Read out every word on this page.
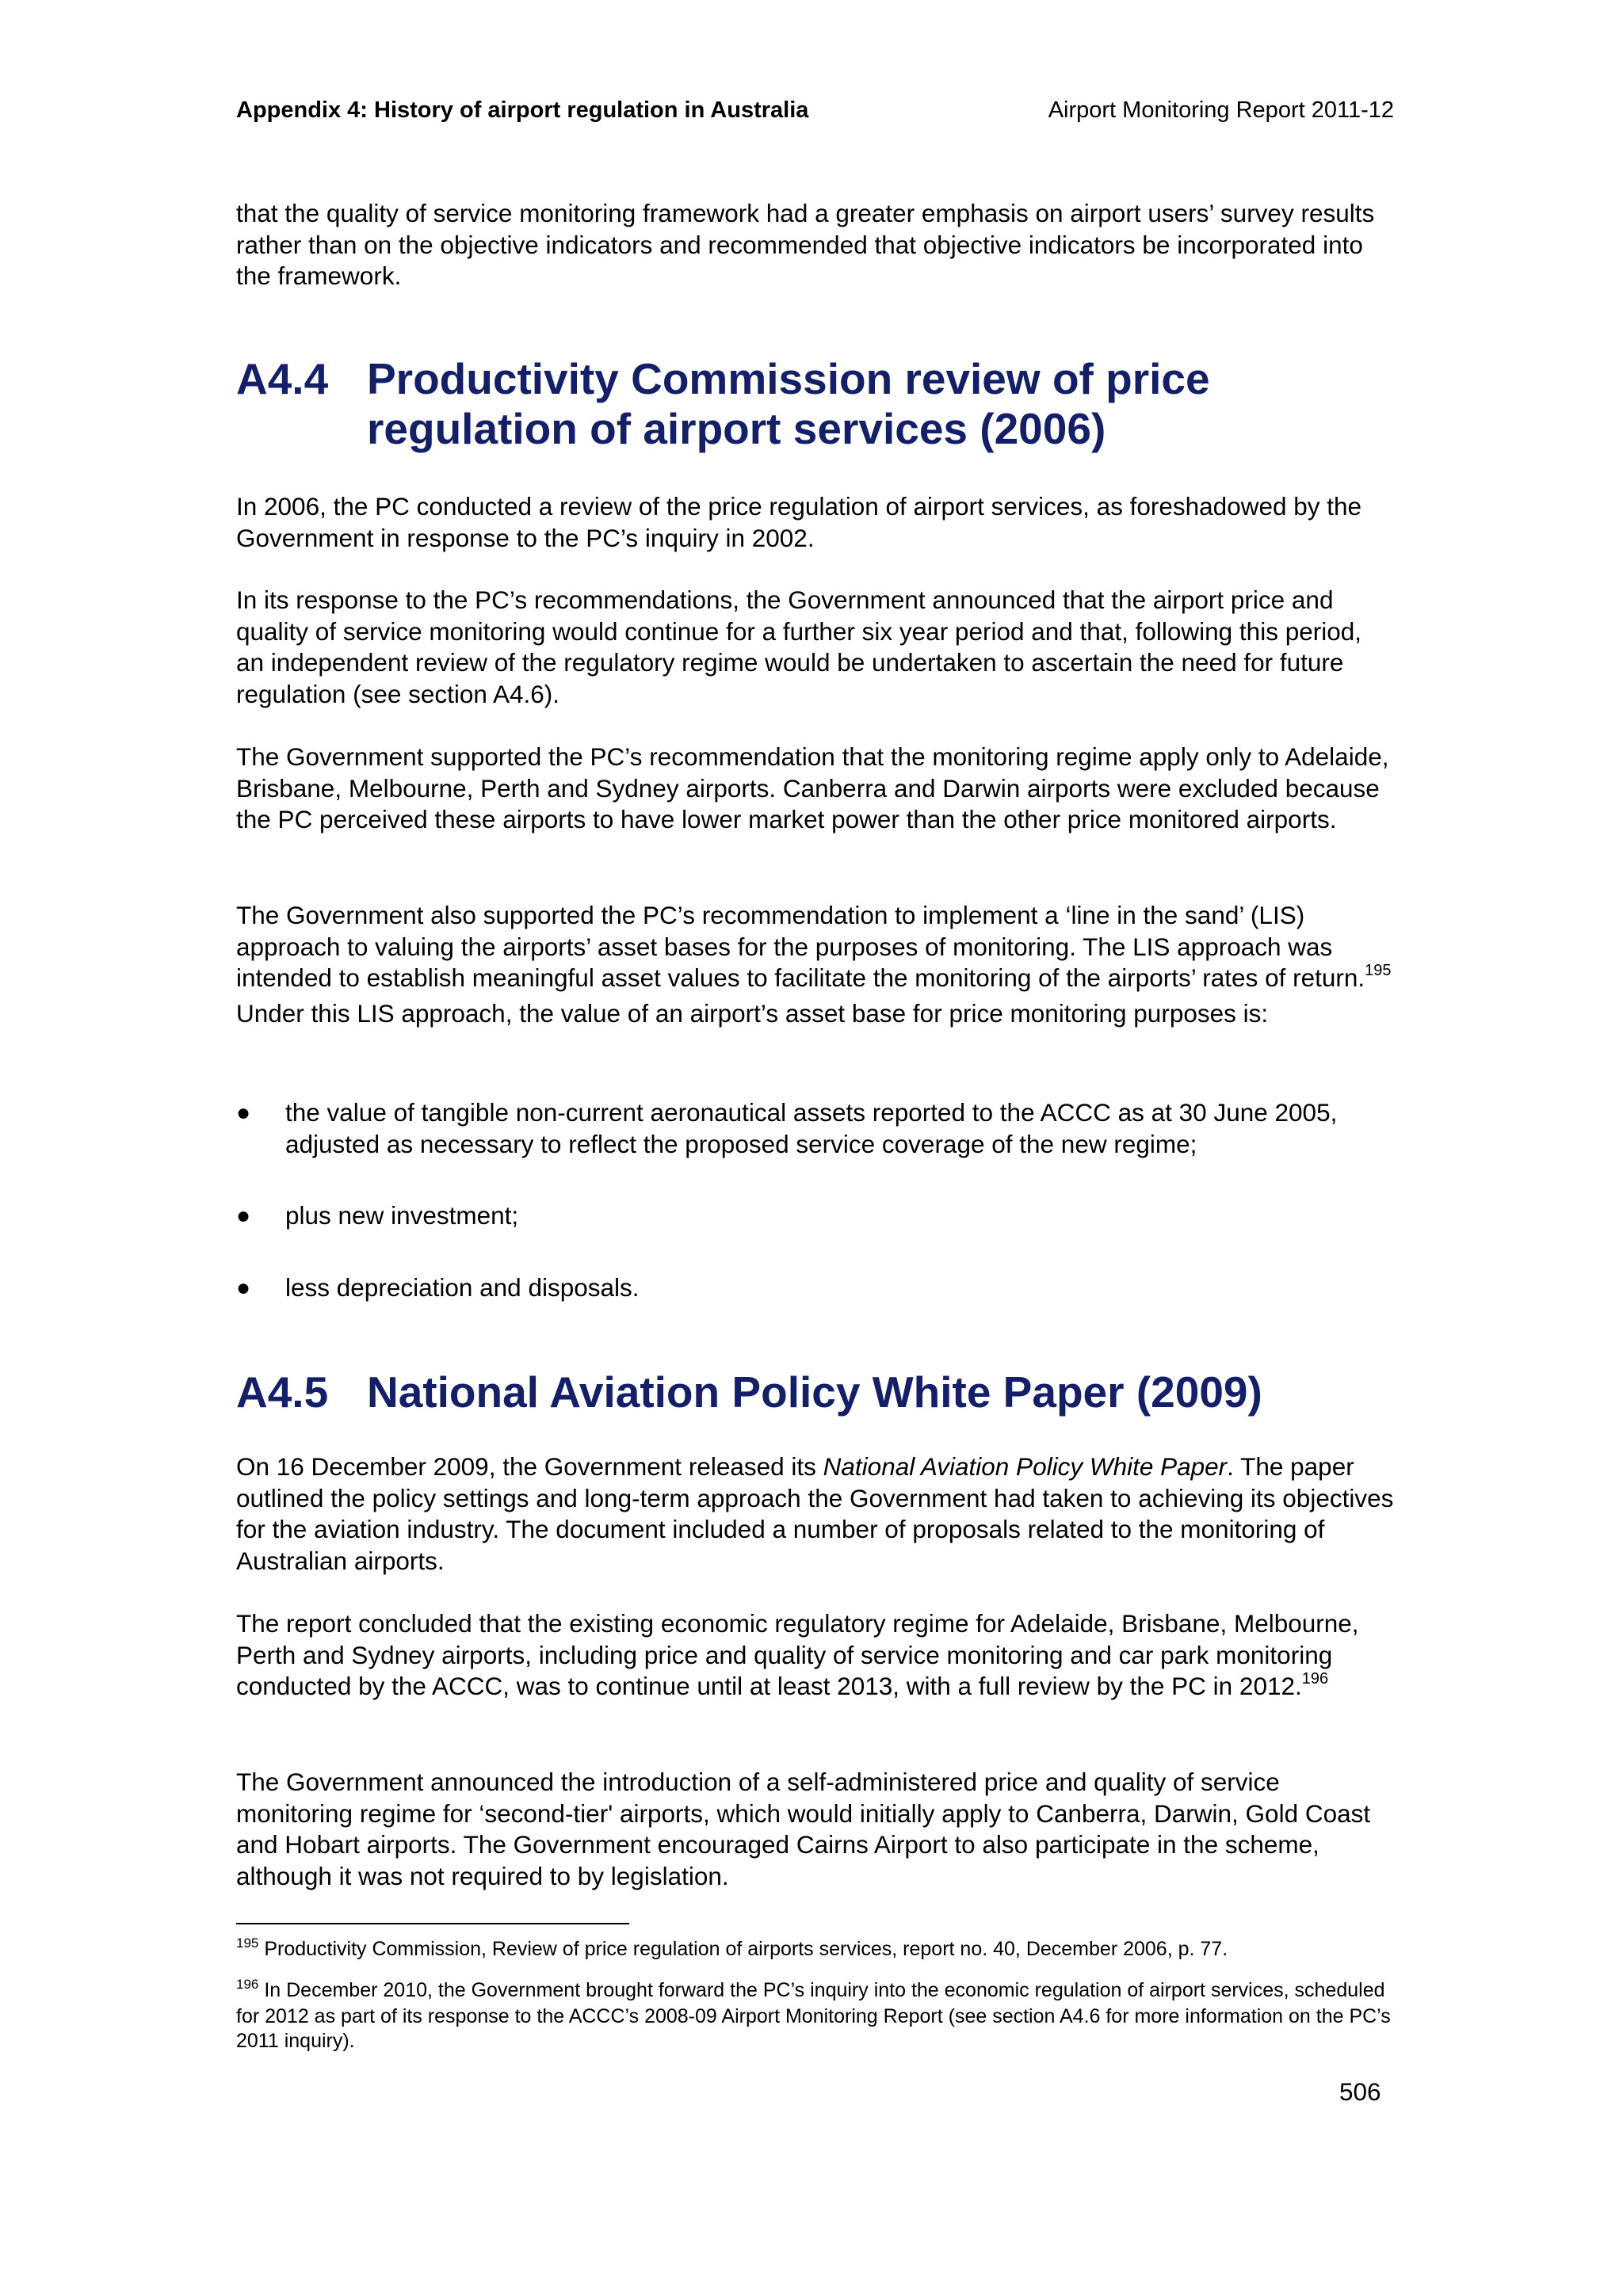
Appendix 4: History of airport regulation in Australia	Airport Monitoring Report 2011-12

that the quality of service monitoring framework had a greater emphasis on airport users’ survey results rather than on the objective indicators and recommended that objective indicators be incorporated into the framework.

A4.4 Productivity Commission review of price regulation of airport services (2006)

In 2006, the PC conducted a review of the price regulation of airport services, as foreshadowed by the Government in response to the PC’s inquiry in 2002.

In its response to the PC’s recommendations, the Government announced that the airport price and quality of service monitoring would continue for a further six year period and that, following this period, an independent review of the regulatory regime would be undertaken to ascertain the need for future regulation (see section A4.6).

The Government supported the PC’s recommendation that the monitoring regime apply only to Adelaide, Brisbane, Melbourne, Perth and Sydney airports. Canberra and Darwin airports were excluded because the PC perceived these airports to have lower market power than the other price monitored airports.

The Government also supported the PC’s recommendation to implement a ‘line in the sand’ (LIS) approach to valuing the airports’ asset bases for the purposes of monitoring. The LIS approach was intended to establish meaningful asset values to facilitate the monitoring of the airports’ rates of return.$^{195}$ Under this LIS approach, the value of an airport’s asset base for price monitoring purposes is:

●	the value of tangible non-current aeronautical assets reported to the ACCC as at 30 June 2005, adjusted as necessary to reflect the proposed service coverage of the new regime;
●	plus new investment;
●	less depreciation and disposals.
A4.5 National Aviation Policy White Paper (2009)

On 16 December 2009, the Government released its National Aviation Policy White Paper. The paper outlined the policy settings and long-term approach the Government had taken to achieving its objectives for the aviation industry. The document included a number of proposals related to the monitoring of Australian airports.

The report concluded that the existing economic regulatory regime for Adelaide, Brisbane, Melbourne, Perth and Sydney airports, including price and quality of service monitoring and car park monitoring conducted by the ACCC, was to continue until at least 2013, with a full review by the PC in 2012.$^{196}$

The Government announced the introduction of a self-administered price and quality of service monitoring regime for ‘second-tier' airports, which would initially apply to Canberra, Darwin, Gold Coast and Hobart airports. The Government encouraged Cairns Airport to also participate in the scheme, although it was not required to by legislation.

$^{195}$ Productivity Commission, Review of price regulation of airports services, report no. 40, December 2006, p. 77.
$^{196}$ In December 2010, the Government brought forward the PC’s inquiry into the economic regulation of airport services, scheduled for 2012 as part of its response to the ACCC’s 2008-09 Airport Monitoring Report (see section A4.6 for more information on the PC’s 2011 inquiry).
506
